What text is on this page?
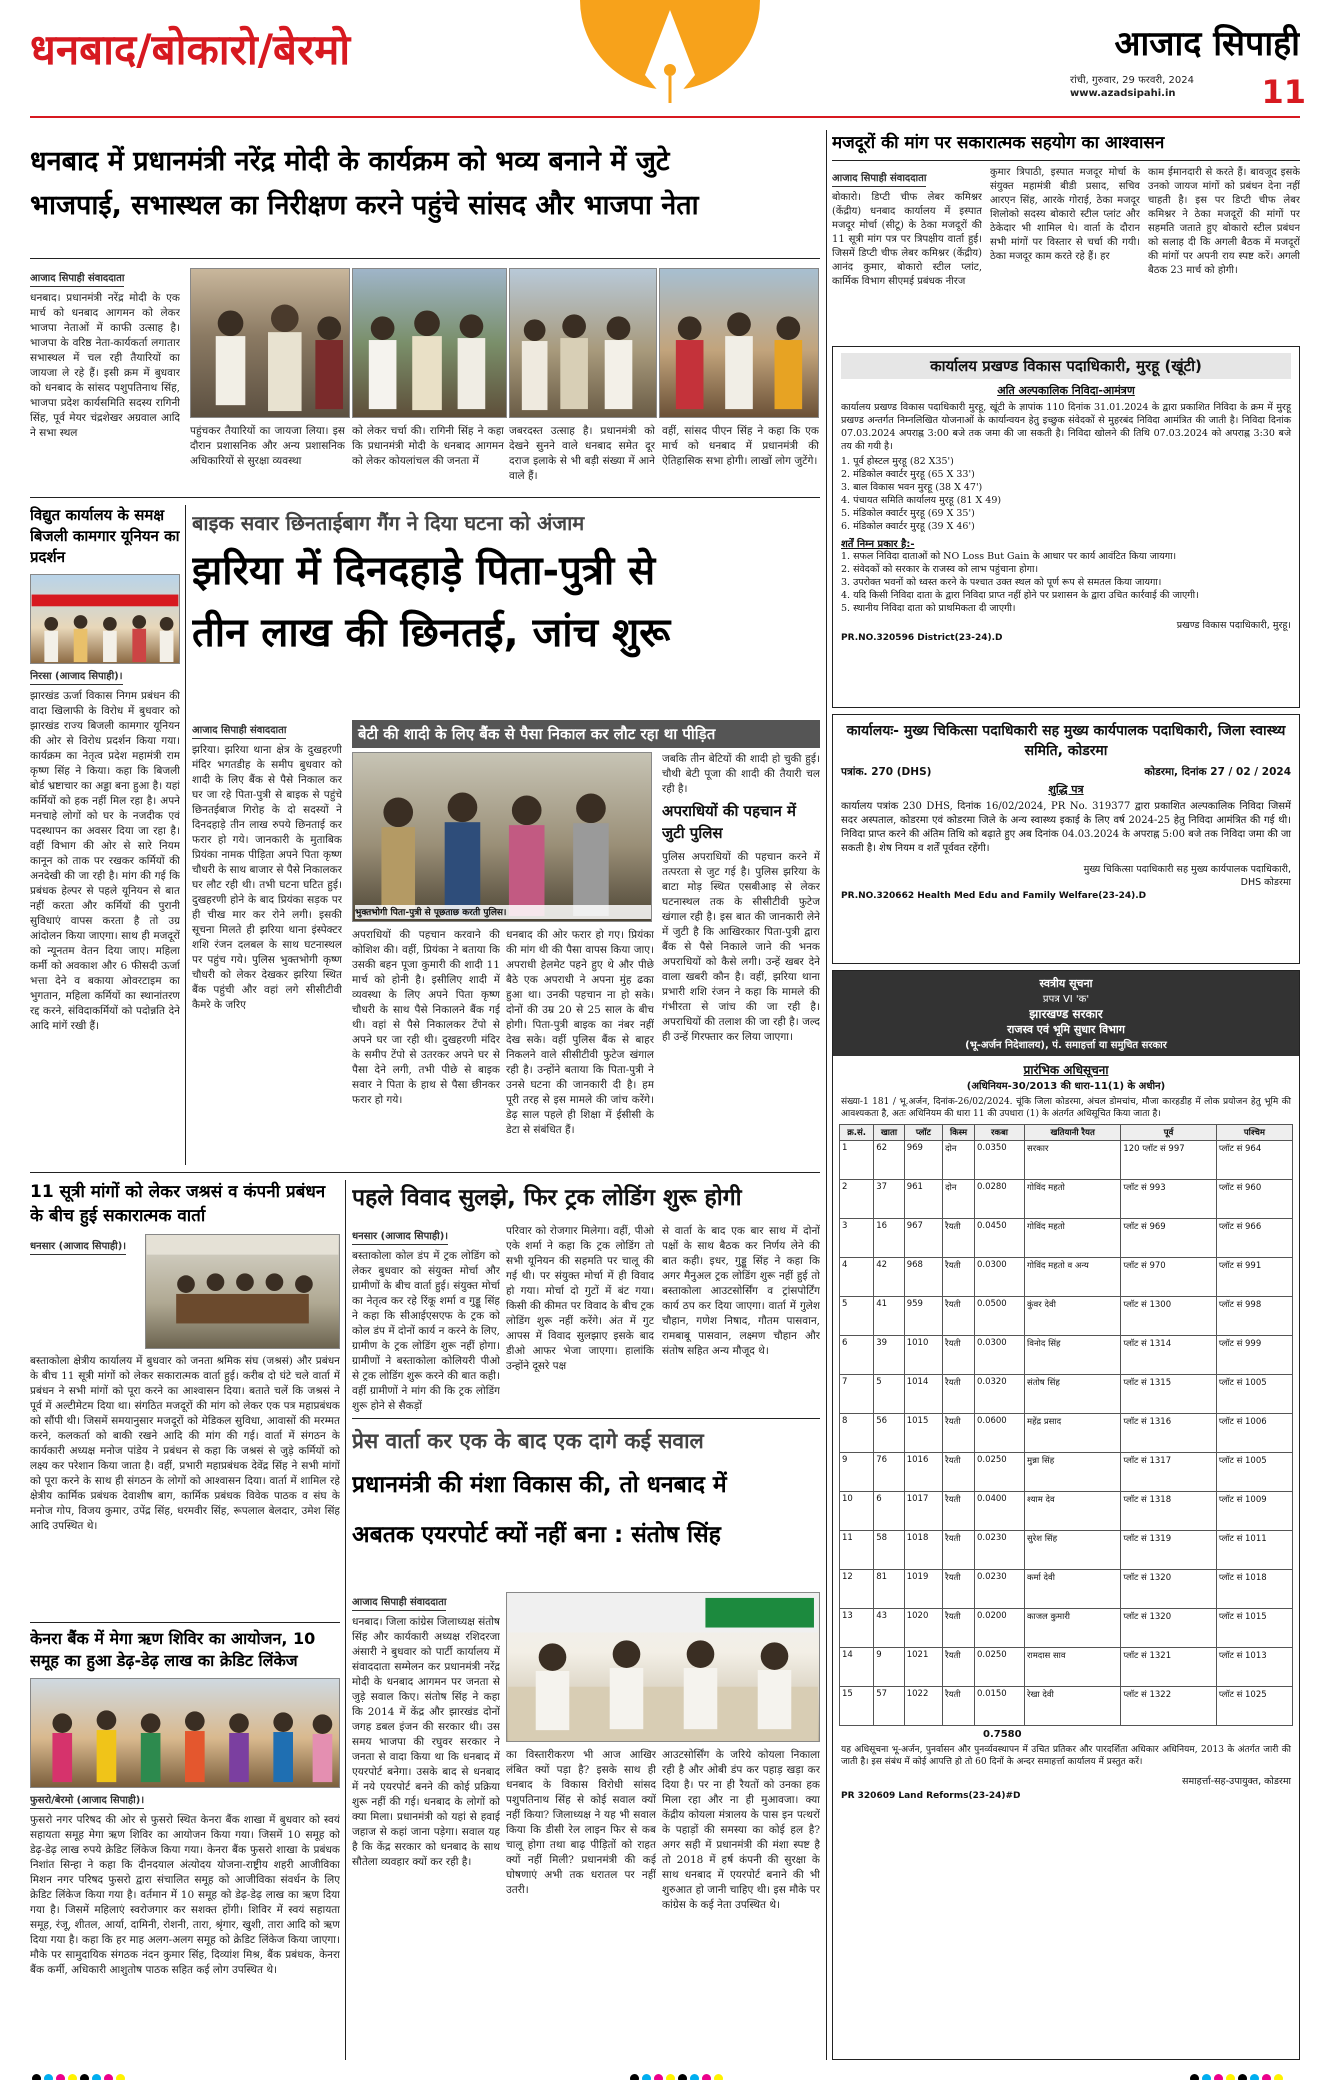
धनबाद/बोकारो/बेरमो	आजाद सिपाही
रांची, गुरुवार, 29 फरवरी, 2024
www.azadsipahi.in	11
धनबाद में प्रधानमंत्री नरेंद्र मोदी के कार्यक्रम को भव्य बनाने में जुटे
भाजपाई, सभास्थल का निरीक्षण करने पहुंचे सांसद और भाजपा नेता
आजाद सिपाही संवाददाता
धनबाद। प्रधानमंत्री नरेंद्र मोदी के एक मार्च को धनबाद आगमन को लेकर भाजपा नेताओं में काफी उत्साह है। भाजपा के वरिष्ठ नेता-कार्यकर्ता लगातार सभास्थल में चल रही तैयारियों का जायजा ले रहे हैं। इसी क्रम में बुधवार को धनबाद के सांसद पशुपतिनाथ सिंह, भाजपा प्रदेश कार्यसमिति सदस्य रागिनी सिंह, पूर्व मेयर चंद्रशेखर अग्रवाल आदि ने सभा स्थल	पहुंचकर तैयारियों का जायजा लिया। इस दौरान प्रशासनिक और अन्य प्रशासनिक अधिकारियों से सुरक्षा व्यवस्था
को लेकर चर्चा की। रागिनी सिंह ने कहा कि प्रधानमंत्री मोदी के धनबाद आगमन को लेकर कोयलांचल की जनता में
जबरदस्त उत्साह है। प्रधानमंत्री को देखने सुनने वाले धनबाद समेत दूर दराज इलाके से भी बड़ी संख्या में आने वाले हैं।
वहीं, सांसद पीएन सिंह ने कहा कि एक मार्च को धनबाद में प्रधानमंत्री की ऐतिहासिक सभा होगी। लाखों लोग जुटेंगे।
विद्युत कार्यालय के समक्ष बिजली कामगार यूनियन का प्रदर्शन
निरसा (आजाद सिपाही)।
झारखंड ऊर्जा विकास निगम प्रबंधन की वादा खिलाफी के विरोध में बुधवार को झारखंड राज्य बिजली कामगार यूनियन की ओर से विरोध प्रदर्शन किया गया। कार्यक्रम का नेतृत्व प्रदेश महामंत्री राम कृष्ण सिंह ने किया। कहा कि बिजली बोर्ड भ्रष्टाचार का अड्डा बना हुआ है। यहां कर्मियों को हक नहीं मिल रहा है। अपने मनचाहे लोगों को घर के नजदीक एवं पदस्थापन का अवसर दिया जा रहा है। वहीं विभाग की ओर से सारे नियम कानून को ताक पर रखकर कर्मियों की अनदेखी की जा रही है। मांग की गई कि प्रबंधक हेल्पर से पहले यूनियन से बात नहीं करता और कर्मियों की पुरानी सुविधाएं वापस करता है तो उग्र आंदोलन किया जाएगा। साथ ही मजदूरों को न्यूनतम वेतन दिया जाए। महिला कर्मी को अवकाश और 6 फीसदी ऊर्जा भत्ता देने व बकाया ओवरटाइम का भुगतान, महिला कर्मियों का स्थानांतरण रद्द करने, संविदाकर्मियों को पदोन्नति देने आदि मांगें रखी हैं।
बाइक सवार छिनताईबाग गैंग ने दिया घटना को अंजाम
झरिया में दिनदहाड़े पिता-पुत्री से
तीन लाख की छिनतई, जांच शुरू
आजाद सिपाही संवाददाता
झरिया। झरिया थाना क्षेत्र के दुखहरणी मंदिर भगतडीह के समीप बुधवार को शादी के लिए बैंक से पैसे निकाल कर घर जा रहे पिता-पुत्री से बाइक से पहुंचे छिनतईबाज गिरोह के दो सदस्यों ने दिनदहाड़े तीन लाख रुपये छिनताई कर फरार हो गये। जानकारी के मुताबिक प्रियंका नामक पीड़िता अपने पिता कृष्ण चौधरी के साथ बाजार से पैसे निकालकर घर लौट रही थी। तभी घटना घटित हुई। दुखहरणी होने के बाद प्रियंका सड़क पर ही चीख मार कर रोने लगी। इसकी सूचना मिलते ही झरिया थाना इंस्पेक्टर शशि रंजन दलबल के साथ घटनास्थल पर पहुंच गये। पुलिस भुक्तभोगी कृष्ण चौधरी को लेकर देखकर झरिया स्थित बैंक पहुंची और वहां लगे सीसीटीवी कैमरे के जरिए
बेटी की शादी के लिए बैंक से पैसा निकाल कर लौट रहा था पीड़ित
भुक्तभोगी पिता-पुत्री से पूछताछ करती पुलिस।
जबकि तीन बेटियों की शादी हो चुकी हुई। चौथी बेटी पूजा की शादी की तैयारी चल रही है।
अपराधियों की पहचान में जुटी पुलिस
पुलिस अपराधियों की पहचान करने में तत्परता से जुट गई है। पुलिस झरिया के बाटा मोड़ स्थित एसबीआइ से लेकर घटनास्थल तक के सीसीटीवी फुटेज खंगाल रही है। इस बात की जानकारी लेने में जुटी है कि आखिरकार पिता-पुत्री द्वारा बैंक से पैसे निकाले जाने की भनक अपराधियों को कैसे लगी। उन्हें खबर देने वाला खबरी कौन है। वहीं, झरिया थाना प्रभारी शशि रंजन ने कहा कि मामले की गंभीरता से जांच की जा रही है। अपराधियों की तलाश की जा रही है। जल्द ही उन्हें गिरफ्तार कर लिया जाएगा।
अपराधियों की पहचान करवाने की कोशिश की। वहीं, प्रियंका ने बताया कि उसकी बहन पूजा कुमारी की शादी 11 मार्च को होनी है। इसीलिए शादी में व्यवस्था के लिए अपने पिता कृष्ण चौधरी के साथ पैसे निकालने बैंक गई थी। वहां से पैसे निकालकर टेंपो से अपने घर जा रही थी। दुखहरणी मंदिर के समीप टेंपो से उतरकर अपने घर से पैसा देने लगी, तभी पीछे से बाइक सवार ने पिता के हाथ से पैसा छीनकर फरार हो गये।
धनबाद की ओर फरार हो गए। प्रियंका की मांग थी की पैसा वापस किया जाए। अपराधी हेलमेट पहने हुए थे और पीछे बैठे एक अपराधी ने अपना मुंह ढका हुआ था। उनकी पहचान ना हो सके। दोनों की उम्र 20 से 25 साल के बीच होगी। पिता-पुत्री बाइक का नंबर नहीं देख सके। वहीं पुलिस बैंक से बाहर निकलने वाले सीसीटीवी फुटेज खंगाल रही है। उन्होंने बताया कि पिता-पुत्री ने उनसे घटना की जानकारी दी है। हम पूरी तरह से इस मामले की जांच करेंगे। डेढ़ साल पहले ही शिक्षा में ईसीसी के डेटा से संबंधित हैं।
11 सूत्री मांगों को लेकर जश्रसं व कंपनी प्रबंधन के बीच हुई सकारात्मक वार्ता
धनसार (आजाद सिपाही)।
बस्ताकोला क्षेत्रीय कार्यालय में बुधवार को जनता श्रमिक संघ (जश्रसं) और प्रबंधन के बीच 11 सूत्री मांगों को लेकर सकारात्मक वार्ता हुई। करीब दो घंटे चले वार्ता में प्रबंधन ने सभी मांगों को पूरा करने का आश्वासन दिया। बताते चलें कि जश्रसं ने पूर्व में अल्टीमेटम दिया था। संगठित मजदूरों की मांग को लेकर एक पत्र महाप्रबंधक को सौंपी थी। जिसमें समयानुसार मजदूरों को मेडिकल सुविधा, आवासों की मरम्मत करने, कलकर्ता को बाकी रखने आदि की मांग की गई। वार्ता में संगठन के कार्यकारी अध्यक्ष मनोज पांडेय ने प्रबंधन से कहा कि जश्रसं से जुड़े कर्मियों को लक्ष्य कर परेशान किया जाता है। वहीं, प्रभारी महाप्रबंधक देवेंद्र सिंह ने सभी मांगों को पूरा करने के साथ ही संगठन के लोगों को आश्वासन दिया। वार्ता में शामिल रहे क्षेत्रीय कार्मिक प्रबंधक देवाशीष बाग, कार्मिक प्रबंधक विवेक पाठक व संघ के मनोज गोप, विजय कुमार, उपेंद्र सिंह, धरमवीर सिंह, रूपलाल बेलदार, उमेश सिंह आदि उपस्थित थे।
केनरा बैंक में मेगा ऋण शिविर का आयोजन, 10 समूह का हुआ डेढ़-डेढ़ लाख का क्रेडिट लिंकेज
फुसरो/बेरमो (आजाद सिपाही)।
फुसरो नगर परिषद की ओर से फुसरो स्थित केनरा बैंक शाखा में बुधवार को स्वयं सहायता समूह मेगा ऋण शिविर का आयोजन किया गया। जिसमें 10 समूह को डेढ़-डेढ़ लाख रुपये क्रेडिट लिंकेज किया गया। केनरा बैंक फुसरो शाखा के प्रबंधक निशांत सिन्हा ने कहा कि दीनदयाल अंत्योदय योजना-राष्ट्रीय शहरी आजीविका मिशन नगर परिषद फुसरो द्वारा संचालित समूह को आजीविका संवर्धन के लिए क्रेडिट लिंकेज किया गया है। वर्तमान में 10 समूह को डेढ़-डेढ़ लाख का ऋण दिया गया है। जिसमें महिलाएं स्वरोजगार कर सशक्त होंगी। शिविर में स्वयं सहायता समूह, रंजू, शीतल, आर्या, दामिनी, रोशनी, तारा, श्रृंगार, खुशी, तारा आदि को ऋण दिया गया है। कहा कि हर माह अलग-अलग समूह को क्रेडिट लिंकेज किया जाएगा। मौके पर सामुदायिक संगठक नंदन कुमार सिंह, दिव्यांश मिश्र, बैंक प्रबंधक, केनरा बैंक कर्मी, अधिकारी आशुतोष पाठक सहित कई लोग उपस्थित थे।
पहले विवाद सुलझे, फिर ट्रक लोडिंग शुरू होगी
धनसार (आजाद सिपाही)।
बस्ताकोला कोल डंप में ट्रक लोडिंग को लेकर बुधवार को संयुक्त मोर्चा और ग्रामीणों के बीच वार्ता हुई। संयुक्त मोर्चा का नेतृत्व कर रहे रिंकू शर्मा व गुड्डू सिंह ने कहा कि सीआईएसएफ के ट्रक को कोल डंप में दोनों कार्य न करने के लिए, ग्रामीण के ट्रक लोडिंग शुरू नहीं होगा। ग्रामीणों ने बस्ताकोला कोलियरी पीओ से ट्रक लोडिंग शुरू करने की बात कही। वहीं ग्रामीणों ने मांग की कि ट्रक लोडिंग शुरू होने से सैकड़ों
परिवार को रोजगार मिलेगा। वहीं, पीओ एके शर्मा ने कहा कि ट्रक लोडिंग तो सभी यूनियन की सहमति पर चालू की गई थी। पर संयुक्त मोर्चा में ही विवाद हो गया। मोर्चा दो गुटों में बंट गया। किसी की कीमत पर विवाद के बीच ट्रक लोडिंग शुरू नहीं करेंगे। अंत में गुट आपस में विवाद सुलझाए इसके बाद डीओ आफर भेजा जाएगा। हालांकि उन्होंने दूसरे पक्ष
से वार्ता के बाद एक बार साथ में दोनों पक्षों के साथ बैठक कर निर्णय लेने की बात कही। इधर, गुड्डू सिंह ने कहा कि अगर मैनुअल ट्रक लोडिंग शुरू नहीं हुई तो बस्ताकोला आउटसोर्सिंग व ट्रांसपोर्टिंग कार्य ठप कर दिया जाएगा। वार्ता में गुलेश चौहान, गणेश निषाद, गौतम पासवान, रामबाबू पासवान, लक्ष्मण चौहान और संतोष सहित अन्य मौजूद थे।
प्रेस वार्ता कर एक के बाद एक दागे कई सवाल
प्रधानमंत्री की मंशा विकास की, तो धनबाद में
अबतक एयरपोर्ट क्यों नहीं बना : संतोष सिंह
आजाद सिपाही संवाददाता
धनबाद। जिला कांग्रेस जिलाध्यक्ष संतोष सिंह और कार्यकारी अध्यक्ष रशिदरजा अंसारी ने बुधवार को पार्टी कार्यालय में संवाददाता सम्मेलन कर प्रधानमंत्री नरेंद्र मोदी के धनबाद आगमन पर जनता से जुड़े सवाल किए। संतोष सिंह ने कहा कि 2014 में केंद्र और झारखंड दोनों जगह डबल इंजन की सरकार थी। उस समय भाजपा की रघुवर सरकार ने जनता से वादा किया था कि धनबाद में एयरपोर्ट बनेगा। उसके बाद से धनबाद में नये एयरपोर्ट बनने की कोई प्रक्रिया शुरू नहीं की गई। धनबाद के लोगों को क्या मिला। प्रधानमंत्री को यहां से हवाई जहाज से कहां जाना पड़ेगा। सवाल यह है कि केंद्र सरकार को धनबाद के साथ सौतेला व्यवहार क्यों कर रही है।
का विस्तारीकरण भी आज आखिर लंबित क्यों पड़ा है? इसके साथ ही धनबाद के विकास विरोधी सांसद पशुपतिनाथ सिंह से कोई सवाल क्यों नहीं किया? जिलाध्यक्ष ने यह भी सवाल किया कि डीसी रेल लाइन फिर से कब चालू होगा तथा बाढ़ पीड़ितों को राहत क्यों नहीं मिली? प्रधानमंत्री की कई घोषणाएं अभी तक धरातल पर नहीं उतरी।
आउटसोर्सिंग के जरिये कोयला निकाला रही है और ओबी डंप कर पहाड़ खड़ा कर दिया है। पर ना ही रैयतों को उनका हक मिला रहा और ना ही मुआवजा। क्या केंद्रीय कोयला मंत्रालय के पास इन पत्थरों के पहाड़ों की समस्या का कोई हल है? अगर सही में प्रधानमंत्री की मंशा स्पष्ट है तो 2018 में हर्ष कंपनी की सुरक्षा के साथ धनबाद में एयरपोर्ट बनाने की भी शुरुआत हो जानी चाहिए थी। इस मौके पर कांग्रेस के कई नेता उपस्थित थे।
मजदूरों की मांग पर सकारात्मक सहयोग का आश्वासन
आजाद सिपाही संवाददाता
बोकारो। डिप्टी चीफ लेबर कमिश्नर (केंद्रीय) धनबाद कार्यालय में इस्पात मजदूर मोर्चा (सीटू) के ठेका मजदूरों की 11 सूत्री मांग पत्र पर त्रिपक्षीय वार्ता हुई। जिसमें डिप्टी चीफ लेबर कमिश्नर (केंद्रीय) आनंद कुमार, बोकारो स्टील प्लांट, कार्मिक विभाग सीएमई प्रबंधक नीरज
कुमार त्रिपाठी, इस्पात मजदूर मोर्चा के संयुक्त महामंत्री बीडी प्रसाद, सचिव आरएन सिंह, आरके गोराई, ठेका मजदूर शिलोको सदस्य बोकारो स्टील प्लांट और ठेकेदार भी शामिल थे। वार्ता के दौरान सभी मांगों पर विस्तार से चर्चा की गयी। ठेका मजदूर काम करते रहे हैं। हर
काम ईमानदारी से करते हैं। बावजूद इसके उनको जायज मांगों को प्रबंधन देना नहीं चाहती है। इस पर डिप्टी चीफ लेबर कमिश्नर ने ठेका मजदूरों की मांगों पर सहमति जताते हुए बोकारो स्टील प्रबंधन को सलाह दी कि अगली बैठक में मजदूरों की मांगों पर अपनी राय स्पष्ट करें। अगली बैठक 23 मार्च को होगी।
कार्यालय प्रखण्ड विकास पदाधिकारी, मुरहू (खूंटी)
अति अल्पकालिक निविदा-आमंत्रण
कार्यालय प्रखण्ड विकास पदाधिकारी मुरहू, खूंटी के ज्ञापांक 110 दिनांक 31.01.2024 के द्वारा प्रकाशित निविदा के क्रम में मुरहू प्रखण्ड अन्तर्गत निम्नलिखित योजनाओं के कार्यान्वयन हेतु इच्छुक संवेदकों से मुहरबंद निविदा आमंत्रित की जाती है। निविदा दिनांक 07.03.2024 अपराह्न 3:00 बजे तक जमा की जा सकती है। निविदा खोलने की तिथि 07.03.2024 को अपराह्न 3:30 बजे तय की गयी है।
1. पूर्व होस्टल मुरहू (82 X35')
2. मंडिकोल क्वार्टर मुरहू (65 X 33')
3. बाल विकास भवन मुरहू (38 X 47')
4. पंचायत समिति कार्यालय मुरहू (81 X 49)
5. मंडिकोल क्वार्टर मुरहू (69 X 35')
6. मंडिकोल क्वार्टर मुरहू (39 X 46')
शर्तें निम्न प्रकार है:-
1. सफल निविदा दाताओं को NO Loss But Gain के आधार पर कार्य आवंटित किया जायगा।
2. संवेदकों को सरकार के राजस्व को लाभ पहुंचाना होगा।
3. उपरोक्त भवनों को ध्वस्त करने के पश्चात उक्त स्थल को पूर्ण रूप से समतल किया जायगा।
4. यदि किसी निविदा दाता के द्वारा निविदा प्राप्त नहीं होने पर प्रशासन के द्वारा उचित कार्रवाई की जाएगी।
5. स्थानीय निविदा दाता को प्राथमिकता दी जाएगी।
प्रखण्ड विकास पदाधिकारी, मुरहू।
PR.NO.320596 District(23-24).D
कार्यालयः- मुख्य चिकित्सा पदाधिकारी सह मुख्य कार्यपालक पदाधिकारी, जिला स्वास्थ्य समिति, कोडरमा
पत्रांक. 270 (DHS)	कोडरमा, दिनांक 27 / 02 / 2024
शुद्धि पत्र
कार्यालय पत्रांक 230 DHS, दिनांक 16/02/2024, PR No. 319377 द्वारा प्रकाशित अल्पकालिक निविदा जिसमें सदर अस्पताल, कोडरमा एवं कोडरमा जिले के अन्य स्वास्थ्य इकाई के लिए वर्ष 2024-25 हेतु निविदा आमंत्रित की गई थी। निविदा प्राप्त करने की अंतिम तिथि को बढ़ाते हुए अब दिनांक 04.03.2024 के अपराह्न 5:00 बजे तक निविदा जमा की जा सकती है। शेष नियम व शर्तें पूर्ववत रहेंगी।
मुख्य चिकित्सा पदाधिकारी सह मुख्य कार्यपालक पदाधिकारी, DHS कोडरमा
PR.NO.320662 Health Med Edu and Family Welfare(23-24).D
स्वत्रीय सूचना
प्रपत्र VI 'क'
झारखण्ड सरकार
राजस्व एवं भूमि सुधार विभाग
(भू-अर्जन निदेशालय), पं. समाहर्त्ता या समुचित सरकार
प्रारंभिक अधिसूचना
(अधिनियम-30/2013 की धारा-11(1) के अधीन)
संख्या-1 181 / भू.अर्जन, दिनांक-26/02/2024. चूंकि जिला कोडरमा, अंचल डोमचांच, मौजा कारहडीह में लोक प्रयोजन हेतु भूमि की आवश्यकता है, अतः अधिनियम की धारा 11 की उपधारा (1) के अंतर्गत अधिसूचित किया जाता है।
क्र.सं.	खाता	प्लॉट	किस्म	रकबा	खतियानी रैयत	पूर्व	पश्चिम
1	62	969	दोन	0.0350	सरकार	120 प्लॉट सं 997	प्लॉट सं 964
2	37	961	दोन	0.0280	गोविंद महतो	प्लॉट सं 993	प्लॉट सं 960
3	16	967	रैयती	0.0450	गोविंद महतो	प्लॉट सं 969	प्लॉट सं 966
4	42	968	रैयती	0.0300	गोविंद महतो व अन्य	प्लॉट सं 970	प्लॉट सं 991
5	41	959	रैयती	0.0500	कुंवर देवी	प्लॉट सं 1300	प्लॉट सं 998
6	39	1010	रैयती	0.0300	विनोद सिंह	प्लॉट सं 1314	प्लॉट सं 999
7	5	1014	रैयती	0.0320	संतोष सिंह	प्लॉट सं 1315	प्लॉट सं 1005
8	56	1015	रैयती	0.0600	महेंद्र प्रसाद	प्लॉट सं 1316	प्लॉट सं 1006
9	76	1016	रैयती	0.0250	मुन्ना सिंह	प्लॉट सं 1317	प्लॉट सं 1005
10	6	1017	रैयती	0.0400	श्याम देव	प्लॉट सं 1318	प्लॉट सं 1009
11	58	1018	रैयती	0.0230	सुरेश सिंह	प्लॉट सं 1319	प्लॉट सं 1011
12	81	1019	रैयती	0.0230	कर्मा देवी	प्लॉट सं 1320	प्लॉट सं 1018
13	43	1020	रैयती	0.0200	काजल कुमारी	प्लॉट सं 1320	प्लॉट सं 1015
14	9	1021	रैयती	0.0250	रामदास साव	प्लॉट सं 1321	प्लॉट सं 1013
15	57	1022	रैयती	0.0150	रेखा देवी	प्लॉट सं 1322	प्लॉट सं 1025
0.7580
यह अधिसूचना भू-अर्जन, पुनर्वासन और पुनर्व्यवस्थापन में उचित प्रतिकर और पारदर्शिता अधिकार अधिनियम, 2013 के अंतर्गत जारी की जाती है। इस संबंध में कोई आपत्ति हो तो 60 दिनों के अन्दर समाहर्त्ता कार्यालय में प्रस्तुत करें।
समाहर्त्ता-सह-उपायुक्त, कोडरमा
PR 320609 Land Reforms(23-24)#D
